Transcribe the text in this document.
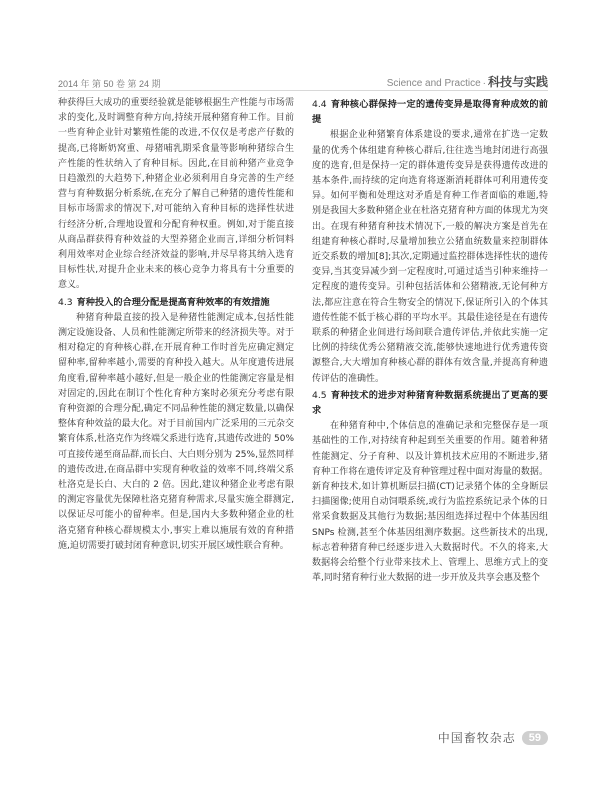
2014 年 第 50 卷 第 24 期	Science and Practice · 科技与实践

种获得巨大成功的重要经验就是能够根据生产性能与市场需求的变化,及时调整育种方向,持续开展种猪育种工作。目前一些育种企业针对繁殖性能的改进,不仅仅是考虑产仔数的提高,已将断奶窝重、母猪哺乳期采食量等影响种猪综合生产性能的性状纳入了育种目标。因此,在目前种猪产业竞争日趋激烈的大趋势下,种猪企业必须利用自身完善的生产经营与育种数据分析系统,在充分了解自己种猪的遗传性能和目标市场需求的情况下,对可能纳入育种目标的选择性状进行经济分析,合理地设置和分配育种权重。例如,对于能直接从商品群获得育种效益的大型养猪企业而言,详细分析饲料利用效率对企业综合经济效益的影响,并尽早将其纳入选育目标性状,对提升企业未来的核心竞争力将具有十分重要的意义。

4.3 育种投入的合理分配是提高育种效率的有效措施

种猪育种最直接的投入是种猪性能测定成本,包括性能测定设施设备、人员和性能测定所带来的经济损失等。对于相对稳定的育种核心群,在开展育种工作时首先应确定测定留种率,留种率越小,需要的育种投入越大。从年度遗传进展角度看,留种率越小越好,但是一般企业的性能测定容量是相对固定的,因此在制订个性化育种方案时必须充分考虑有限育种资源的合理分配,确定不同品种性能的测定数量,以确保整体育种效益的最大化。对于目前国内广泛采用的三元杂交繁育体系,杜洛克作为终端父系进行选育,其遗传改进的 50%可直接传递至商品群,而长白、大白则分别为 25%,显然同样的遗传改进,在商品群中实现育种收益的效率不同,终端父系杜洛克是长白、大白的 2 倍。因此,建议种猪企业考虑有限的测定容量优先保障杜洛克猪育种需求,尽量实施全群测定,以保证尽可能小的留种率。但是,国内大多数种猪企业的杜洛克猪育种核心群规模太小,事实上难以施展有效的育种措施,迫切需要打破封闭育种意识,切实开展区域性联合育种。

4.4 育种核心群保持一定的遗传变异是取得育种成效的前提

根据企业种猪繁育体系建设的要求,通常在扩选一定数量的优秀个体组建育种核心群后,往往选当地封闭进行高强度的选育,但是保持一定的群体遗传变异是获得遗传改进的基本条件,而持续的定向选育将逐渐消耗群体可利用遗传变异。如何平衡和处理这对矛盾是育种工作者面临的难题,特别是我国大多数种猪企业在杜洛克猪育种方面的体现尤为突出。在现有种猪育种技术情况下,一般的解决方案是首先在组建育种核心群时,尽量增加独立公猪血统数量来控制群体近交系数的增加[8];其次,定期通过监控群体选择性状的遗传变异,当其变异减少到一定程度时,可通过适当引种来维持一定程度的遗传变异。引种包括活体和公猪精液,无论何种方法,都应注意在符合生物安全的情况下,保证所引入的个体其遗传性能不低于核心群的平均水平。其最佳途径是在有遗传联系的种猪企业间进行场间联合遗传评估,并依此实施一定比例的持续优秀公猪精液交流,能够快速地进行优秀遗传资源整合,大大增加育种核心群的群体有效含量,并提高育种遗传评估的准确性。

4.5 育种技术的进步对种猪育种数据系统提出了更高的要求

在种猪育种中,个体信息的准确记录和完整保存是一项基础性的工作,对持续育种起到至关重要的作用。随着种猪性能测定、分子育种、以及计算机技术应用的不断进步,猪育种工作将在遗传评定及育种管理过程中面对海量的数据。新育种技术,如计算机断层扫描(CT)记录猪个体的全身断层扫描图像;使用自动饲喂系统,或行为监控系统记录个体的日常采食数据及其他行为数据;基因组选择过程中个体基因组 SNPs 检测,甚至个体基因组测序数据。这些新技术的出现,标志着种猪育种已经逐步进入大数据时代。不久的将来,大数据将会给整个行业带来技术上、管理上、思维方式上的变革,同时猪育种行业大数据的进一步开放及共享会惠及整个

中国畜牧杂志	59
